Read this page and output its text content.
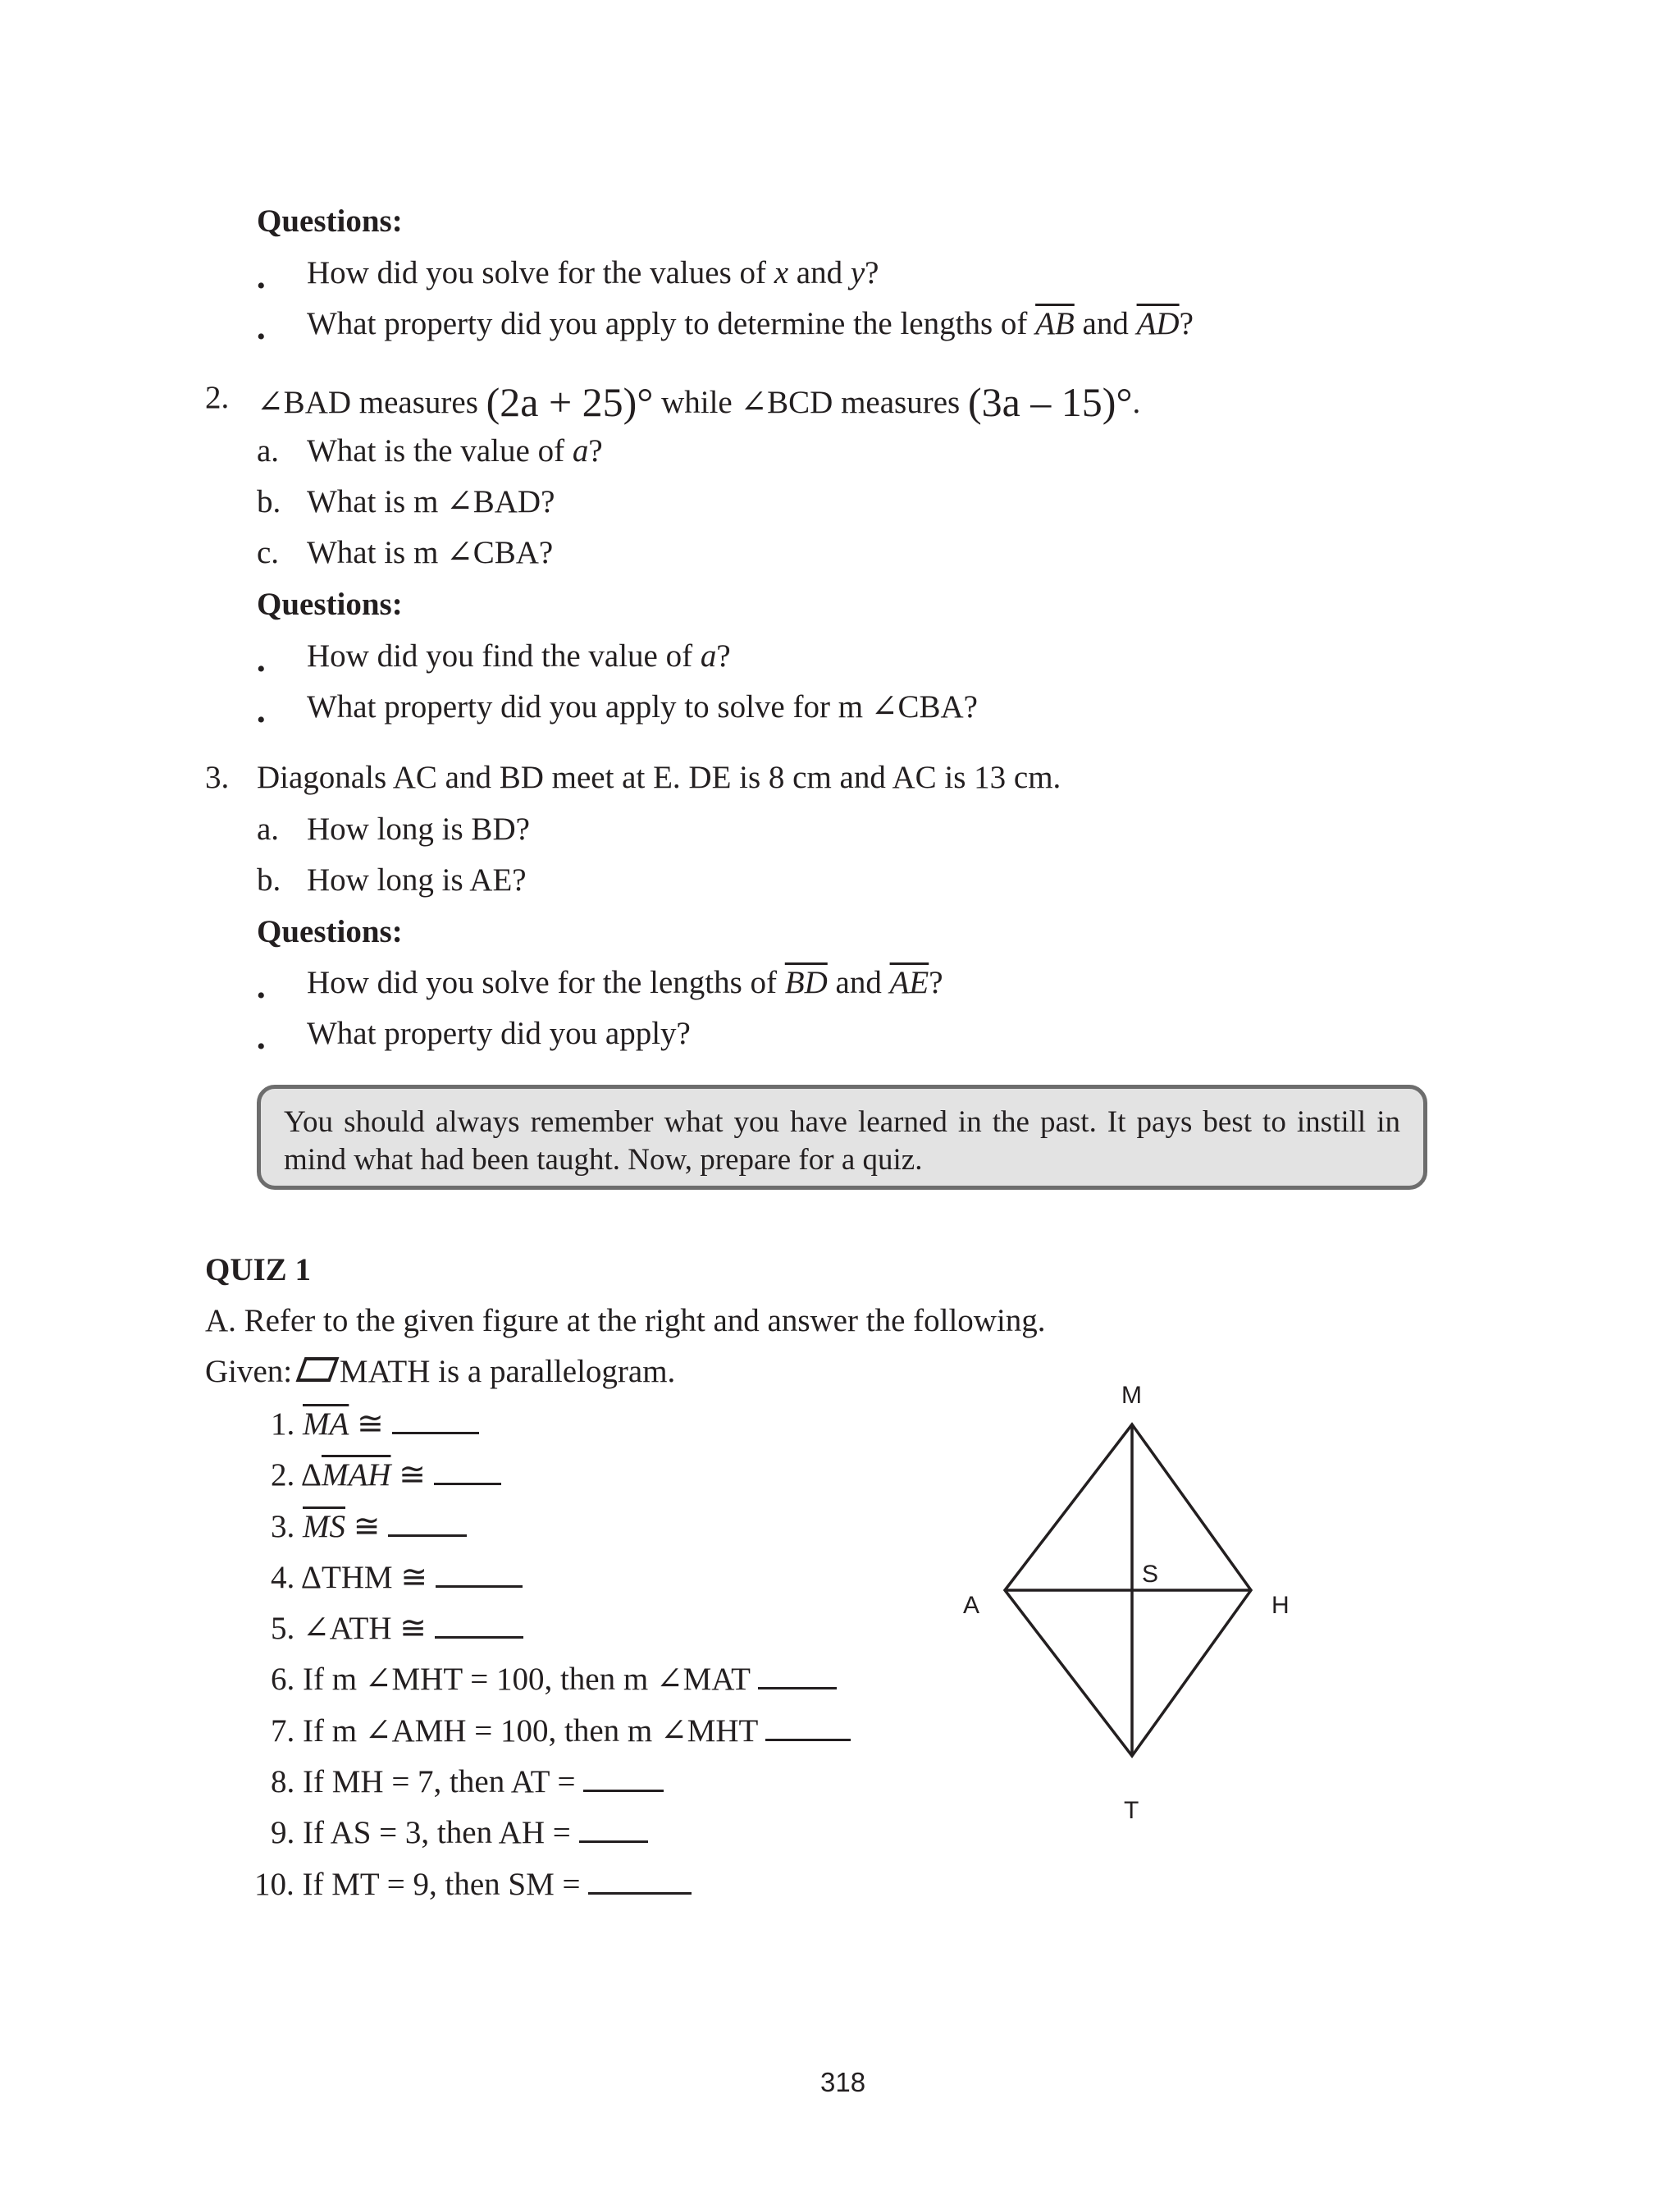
Questions:
• How did you solve for the values of x and y?
• What property did you apply to determine the lengths of $\overline{AB}$ and $\overline{AD}$?
2. ∠BAD measures (2a + 25)° while ∠BCD measures (3a – 15)°.
a. What is the value of a?
b. What is m ∠BAD?
c. What is m ∠CBA?
Questions:
• How did you find the value of a?
• What property did you apply to solve for m ∠CBA?
3. Diagonals AC and BD meet at E. DE is 8 cm and AC is 13 cm.
a. How long is BD?
b. How long is AE?
Questions:
• How did you solve for the lengths of $\overline{BD}$ and $\overline{AE}$?
• What property did you apply?
You should always remember what you have learned in the past. It pays best to instill in mind what had been taught. Now, prepare for a quiz.
QUIZ 1
A. Refer to the given figure at the right and answer the following.
Given: MATH is a parallelogram.
1. $\overline{MA}$ ≅
2. $\Delta\overline{MAH}$ ≅
3. $\overline{MS}$ ≅
4. ΔTHM ≅
5. ∠ATH ≅
6. If m ∠MHT = 100, then m ∠MAT
7. If m ∠AMH = 100, then m ∠MHT
8. If MH = 7, then AT =
9. If AS = 3, then AH =
10. If MT = 9, then SM =
M
A
S
H
T
318
